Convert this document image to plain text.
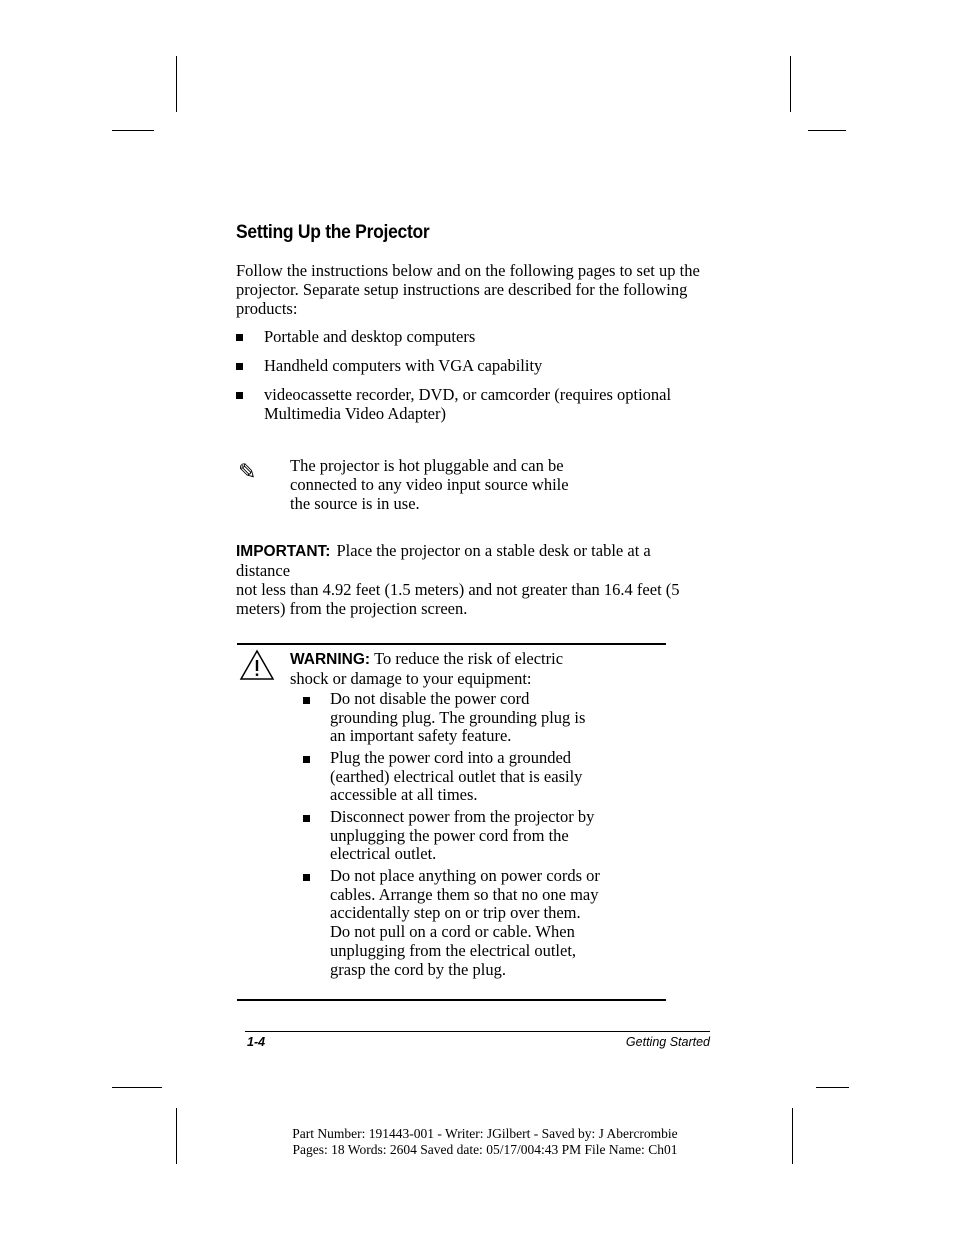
Setting Up the Projector
Follow the instructions below and on the following pages to set up the projector. Separate setup instructions are described for the following products:
Portable and desktop computers
Handheld computers with VGA capability
videocassette recorder, DVD, or camcorder (requires optional Multimedia Video Adapter)
✎ The projector is hot pluggable and can be connected to any video input source while the source is in use.
IMPORTANT: Place the projector on a stable desk or table at a distance
not less than 4.92 feet (1.5 meters) and not greater than 16.4 feet (5 meters) from the projection screen.
WARNING: To reduce the risk of electric shock or damage to your equipment:
Do not disable the power cord grounding plug. The grounding plug is an important safety feature.
Plug the power cord into a grounded (earthed) electrical outlet that is easily accessible at all times.
Disconnect power from the projector by unplugging the power cord from the electrical outlet.
Do not place anything on power cords or cables. Arrange them so that no one may accidentally step on or trip over them. Do not pull on a cord or cable. When unplugging from the electrical outlet, grasp the cord by the plug.
1-4	Getting Started
Part Number: 191443-001 - Writer: JGilbert - Saved by: J Abercrombie
Pages: 18 Words: 2604 Saved date: 05/17/004:43 PM File Name: Ch01
